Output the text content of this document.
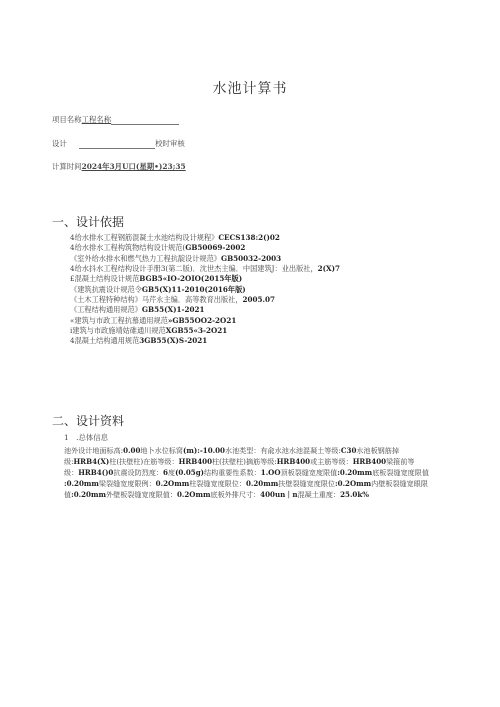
水池计算书
项目名称工程名称
设计	校时审核
计算时间2024年3月U口(星期•)23;35
一、设计依据
4给水排水工程钢筋混凝土水池结构设计规程》CECS138:2()02
4给水排水工程构筑物结构设计规范(GB50069-2002
《室外给水排水和燃气热力工程抗靛设计规范》GB50032-2003
4给水抖水工程结构设计手册3(第二版)．沈世杰主编．中国建筑J：业出版社，2(X)7
£混凝土结构设计规范BGB5«IO-2OIO(2015年版)
《建筑抗震设计规范令GB5(X)11-2010(2016年版)
《土木工程特种结构》马芹永主编．高等教育出版社，2005.07
《工程结构通用规范》GB55(X)1-2021
«建筑与市政工程抗慕通用规范»GB55OO2-2O21
i建筑与市政施靖姑碓通川规范XGB55«3-2O21
4混凝土结构通用规范3GB55(X)S-2021
二、设计资料
1　.总体信息
池外设计地面标高:0.00地卜水位标窝(m):-10.00水池类型：有兪水池水池混凝土等级:C30水池板钢筋掉
级:HRB4(X)柱(扶壁柱)在筋等级：HRB400柱(扶壁柱)摘筋等级:HRB400或主筋等级：HRB400梁箍前等
级：HRB4()0抗震设防烈度：6度(0.05g)结构重要性系数：1.OO顶板裂缝宽度限值:0.20mm底板裂缝宽度限值
:0.20mm梁裂缝宽度限例：0.2Omm柱裂缝宽度限位：0.20mm扶壁裂缝宽度限位:0.2Omm内壁板裂缝宽眼限
值:0.20mm外壁板裂缝宽度限值：0.2Omm底板外排尺寸：400un｜n混凝土重度：25.0k%
